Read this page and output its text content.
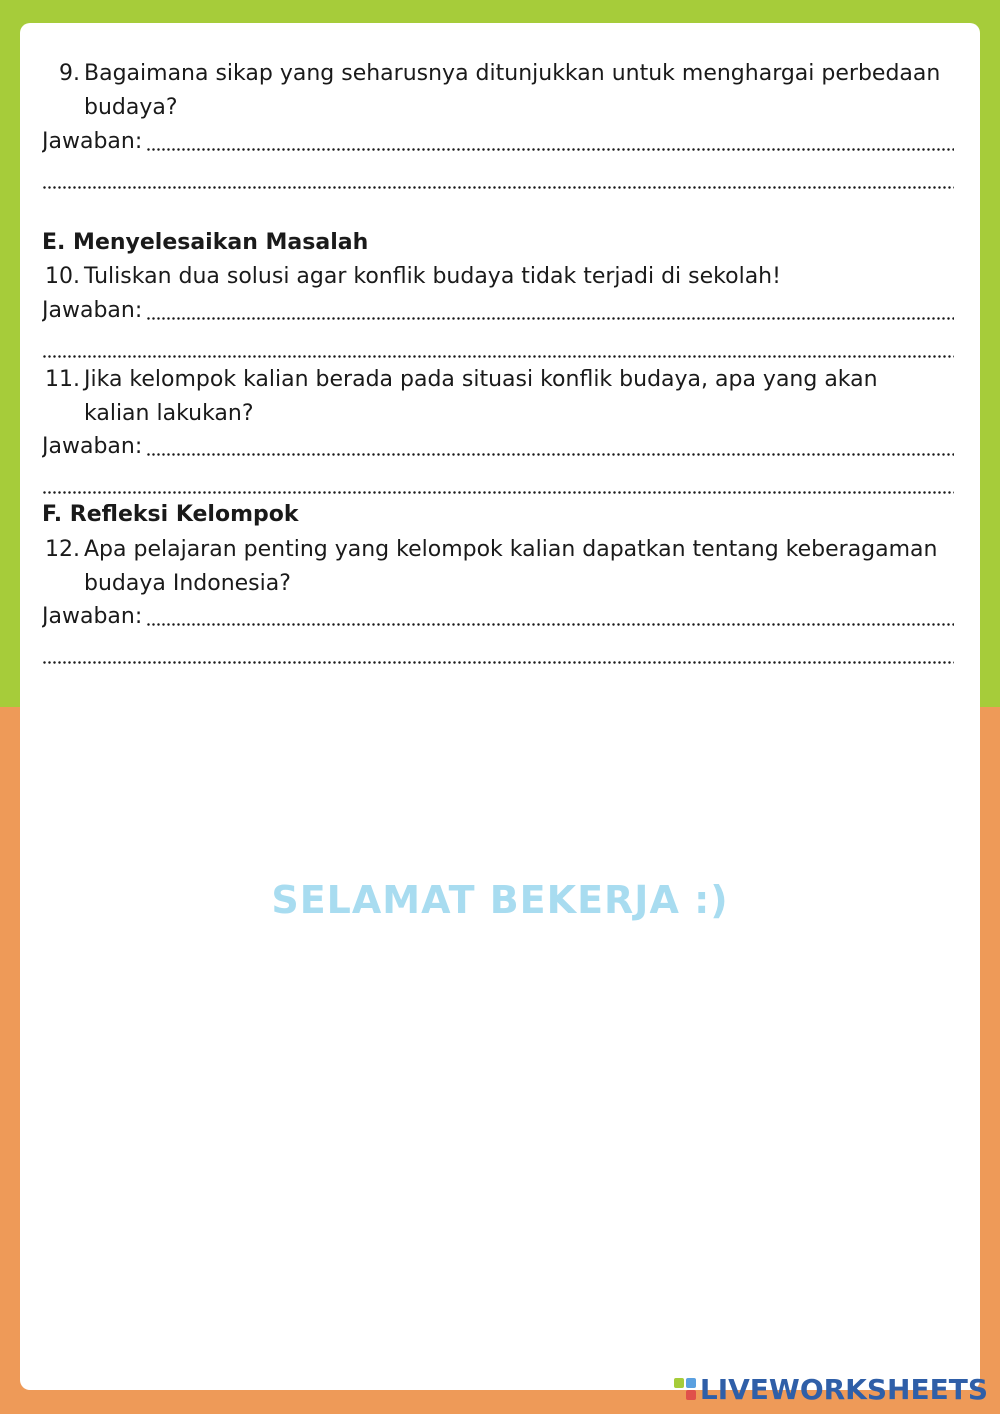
9. Bagaimana sikap yang seharusnya ditunjukkan untuk menghargai perbedaan budaya?
Jawaban:
E. Menyelesaikan Masalah
10. Tuliskan dua solusi agar konflik budaya tidak terjadi di sekolah!
Jawaban:
11. Jika kelompok kalian berada pada situasi konflik budaya, apa yang akan kalian lakukan?
Jawaban:
F. Refleksi Kelompok
12. Apa pelajaran penting yang kelompok kalian dapatkan tentang keberagaman budaya Indonesia?
Jawaban:
SELAMAT BEKERJA :)
LIVEWORKSHEETS
